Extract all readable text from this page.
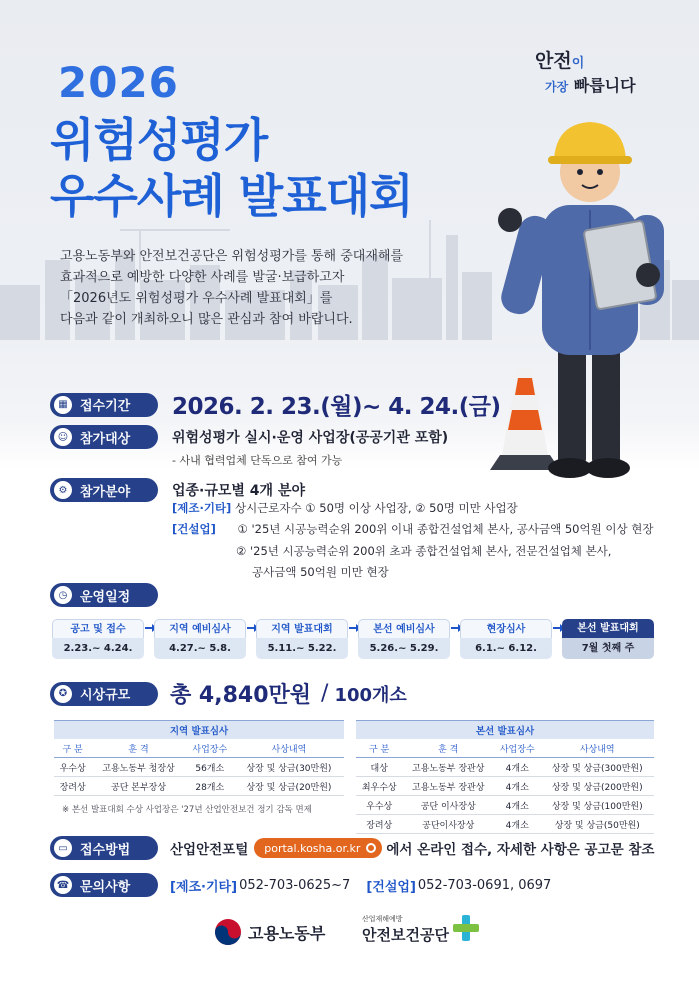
안전이
가장 빠릅니다
2026
위험성평가
우수사례 발표대회
고용노동부와 안전보건공단은 위험성평가를 통해 중대재해를
효과적으로 예방한 다양한 사례를 발굴·보급하고자
「2026년도 위험성평가 우수사례 발표대회」를
다음과 같이 개최하오니 많은 관심과 참여 바랍니다.
▦ 접수기간 2026. 2. 23.(월)~ 4. 24.(금)
☺ 참가대상	위험성평가 실시·운영 사업장(공공기관 포함)
- 사내 협력업체 단독으로 참여 가능
⚙ 참가분야	업종·규모별 4개 분야
[제조·기타] 상시근로자수 ① 50명 이상 사업장, ② 50명 미만 사업장
[건설업] ① '25년 시공능력순위 200위 이내 종합건설업체 본사, 공사금액 50억원 이상 현장
② '25년 시공능력순위 200위 초과 종합건설업체 본사, 전문건설업체 본사,
공사금액 50억원 미만 현장
◷ 운영일정
공고 및 접수
2.23.~ 4.24.
지역 예비심사
4.27.~ 5.8.
지역 발표대회
5.11.~ 5.22.
본선 예비심사
5.26.~ 5.29.
현장심사
6.1.~ 6.12.
본선 발표대회
7월 첫째 주
✪ 시상규모 총 4,840만원 / 100개소
지역 발표심사			
구 분	훈 격	사업장수	사상내역
우수상	고용노동부 청장상	56개소	상장 및 상금(30만원)
장려상	공단 본부장상	28개소	상장 및 상금(20만원)
※ 본선 발표대회 수상 사업장은 '27년 산업안전보건 정기 감독 면제
본선 발표심사			
구 분	훈 격	사업장수	사상내역
대상	고용노동부 장관상	4개소	상장 및 상금(300만원)
최우수상	고용노동부 장관상	4개소	상장 및 상금(200만원)
우수상	공단 이사장상	4개소	상장 및 상금(100만원)
장려상	공단이사장상	4개소	상장 및 상금(50만원)
▭ 접수방법	산업안전포털 portal.kosha.or.kr 에서 온라인 접수, 자세한 사항은 공고문 참조
☎ 문의사항	[제조·기타] 052-703-0625~7 [건설업] 052-703-0691, 0697
고용노동부
산업재해예방
안전보건공단
